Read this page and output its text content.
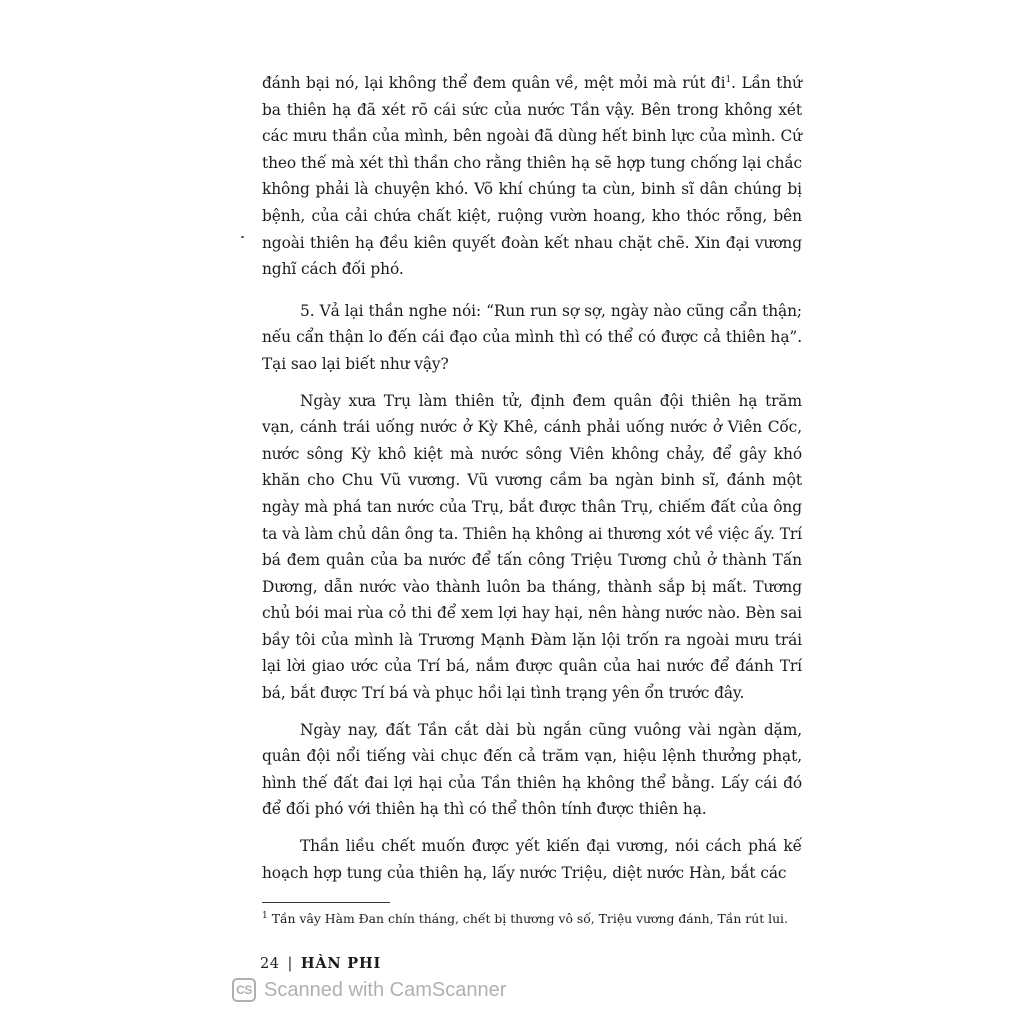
đánh bại nó, lại không thể đem quân về, mệt mỏi mà rút $đi^1$. Lần thứ ba thiên hạ đã xét rõ cái sức của nước Tần vậy. Bên trong không xét các mưu thần của mình, bên ngoài đã dùng hết binh lực của mình. Cứ theo thế mà xét thì thần cho rằng thiên hạ sẽ hợp tung chống lại chắc không phải là chuyện khó. Võ khí chúng ta cùn, binh sĩ dân chúng bị bệnh, của cải chứa chất kiệt, ruộng vườn hoang, kho thóc rỗng, bên ngoài thiên hạ đều kiên quyết đoàn kết nhau chặt chẽ. Xin đại vương nghĩ cách đối phó.

5. Vả lại thần nghe nói: “Run run sợ sợ, ngày nào cũng cẩn thận; nếu cẩn thận lo đến cái đạo của mình thì có thể có được cả thiên hạ”. Tại sao lại biết như vậy?

Ngày xưa Trụ làm thiên tử, định đem quân đội thiên hạ trăm vạn, cánh trái uống nước ở Kỳ Khê, cánh phải uống nước ở Viên Cốc, nước sông Kỳ khô kiệt mà nước sông Viên không chảy, để gây khó khăn cho Chu Vũ vương. Vũ vương cầm ba ngàn binh sĩ, đánh một ngày mà phá tan nước của Trụ, bắt được thân Trụ, chiếm đất của ông ta và làm chủ dân ông ta. Thiên hạ không ai thương xót về việc ấy. Trí bá đem quân của ba nước để tấn công Triệu Tương chủ ở thành Tấn Dương, dẫn nước vào thành luôn ba tháng, thành sắp bị mất. Tương chủ bói mai rùa cỏ thi để xem lợi hay hại, nên hàng nước nào. Bèn sai bầy tôi của mình là Trương Mạnh Đàm lặn lội trốn ra ngoài mưu trái lại lời giao ước của Trí bá, nắm được quân của hai nước để đánh Trí bá, bắt được Trí bá và phục hồi lại tình trạng yên ổn trước đây.

Ngày nay, đất Tần cắt dài bù ngắn cũng vuông vài ngàn dặm, quân đội nổi tiếng vài chục đến cả trăm vạn, hiệu lệnh thưởng phạt, hình thế đất đai lợi hại của Tần thiên hạ không thể bằng. Lấy cái đó để đối phó với thiên hạ thì có thể thôn tính được thiên hạ.

Thần liều chết muốn được yết kiến đại vương, nói cách phá kế hoạch hợp tung của thiên hạ, lấy nước Triệu, diệt nước Hàn, bắt các

$^1$ Tần vây Hàm Đan chín tháng, chết bị thương vô số, Triệu vương đánh, Tần rút lui.

24 | HÀN PHI

CS Scanned with CamScanner
